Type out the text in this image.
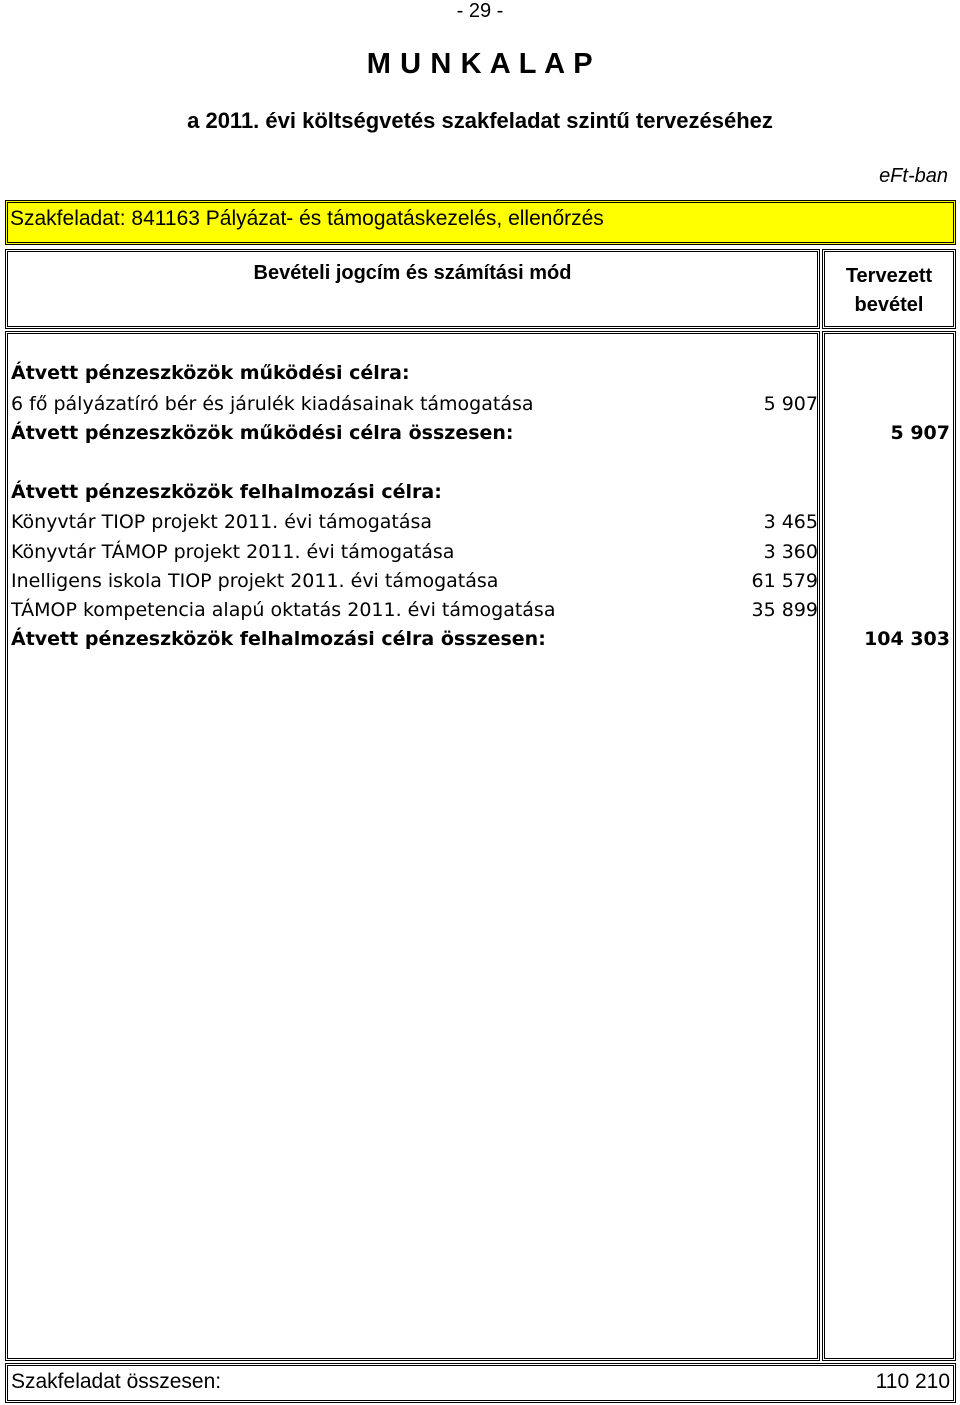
- 29 -
M U N K A L A P
a 2011. évi költségvetés szakfeladat szintű tervezéséhez
eFt-ban
Szakfeladat: 841163 Pályázat- és támogatáskezelés, ellenőrzés
Bevételi jogcím és számítási mód	Tervezett bevétel
Átvett pénzeszközök működési célra:
6 fő pályázatíró bér és járulék kiadásainak támogatása	5 907
Átvett pénzeszközök működési célra összesen:	5 907
Átvett pénzeszközök felhalmozási célra:
Könyvtár TIOP projekt 2011. évi támogatása	3 465
Könyvtár TÁMOP projekt 2011. évi támogatása	3 360
Inelligens iskola TIOP projekt 2011. évi támogatása	61 579
TÁMOP kompetencia alapú oktatás 2011. évi támogatása	35 899
Átvett pénzeszközök felhalmozási célra összesen:	104 303
Szakfeladat összesen:	110 210
